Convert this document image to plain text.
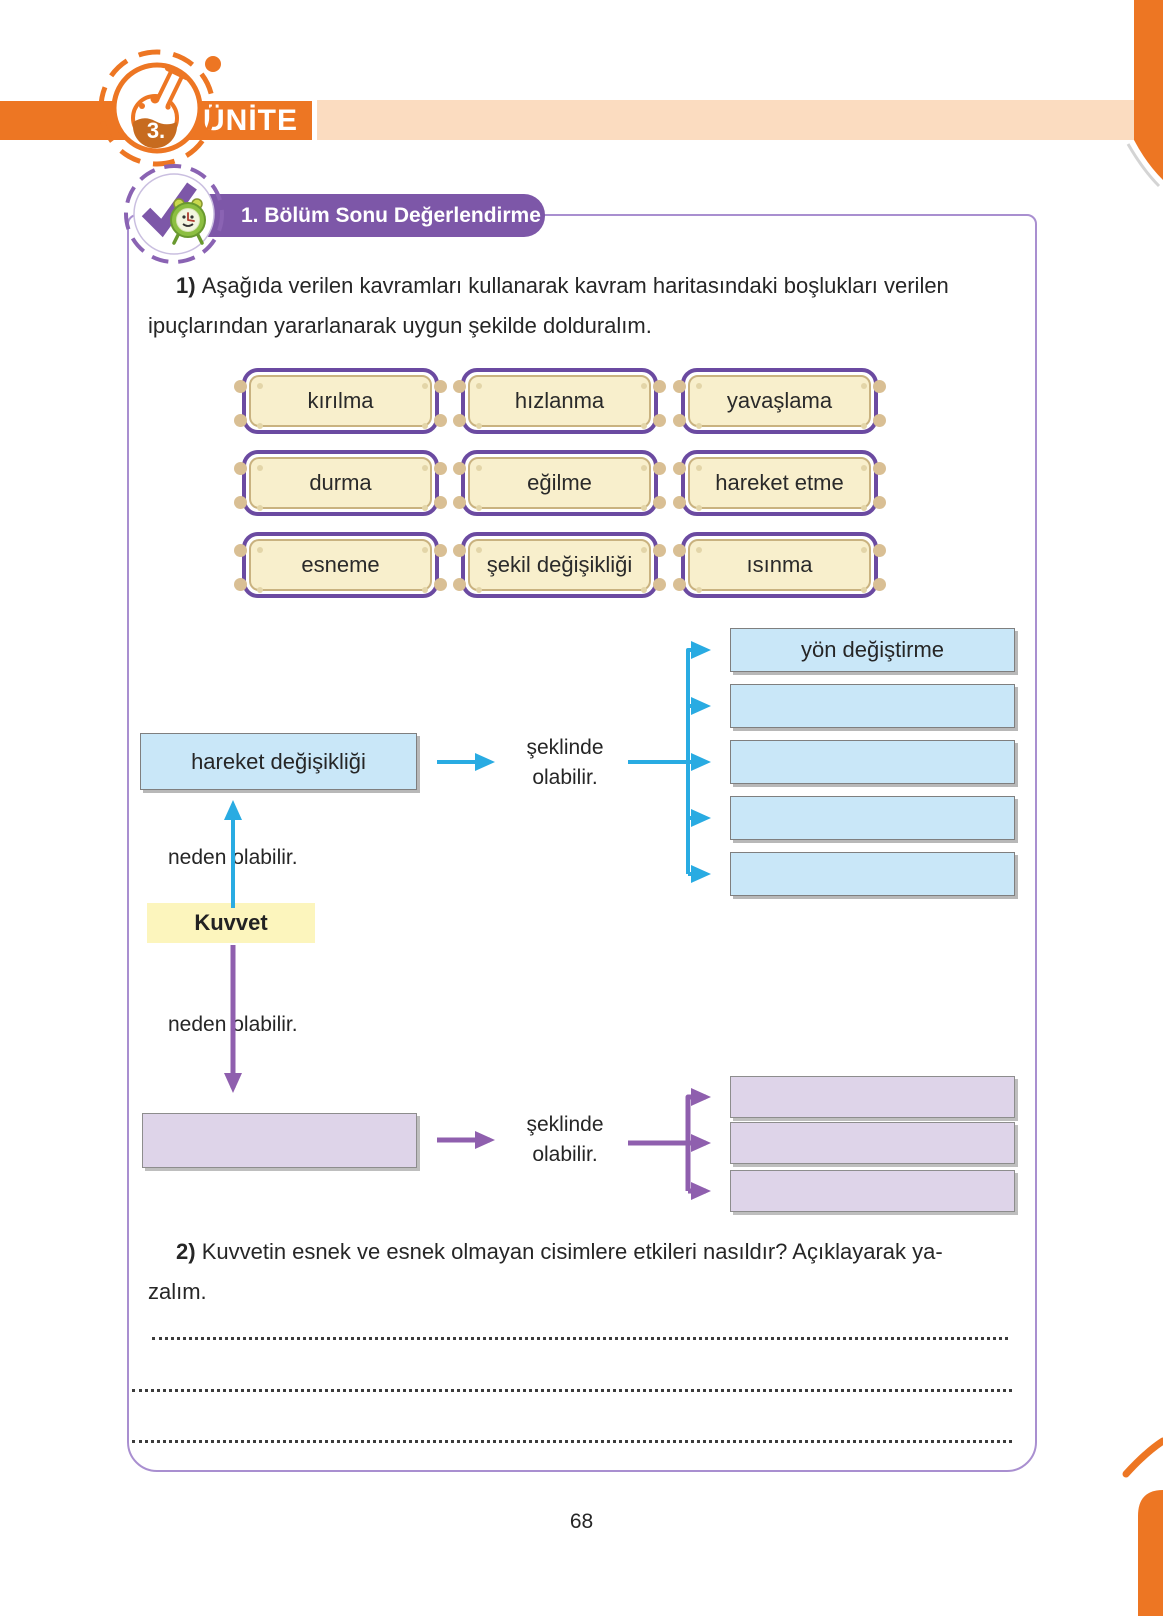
ÜNİTE
3.
1. Bölüm Sonu Değerlendirme
1) Aşağıda verilen kavramları kullanarak kavram haritasındaki boşlukları verilen
ipuçlarından yararlanarak uygun şekilde dolduralım.
kırılma	hızlanma	yavaşlama
durma	eğilme	hareket etme
esneme	şekil değişikliği	ısınma
hareket değişikliği
şeklinde olabilir.
yön değiştirme
neden olabilir.
Kuvvet
neden olabilir.
şeklinde olabilir.
2) Kuvvetin esnek ve esnek olmayan cisimlere etkileri nasıldır? Açıklayarak ya-
zalım.
68
